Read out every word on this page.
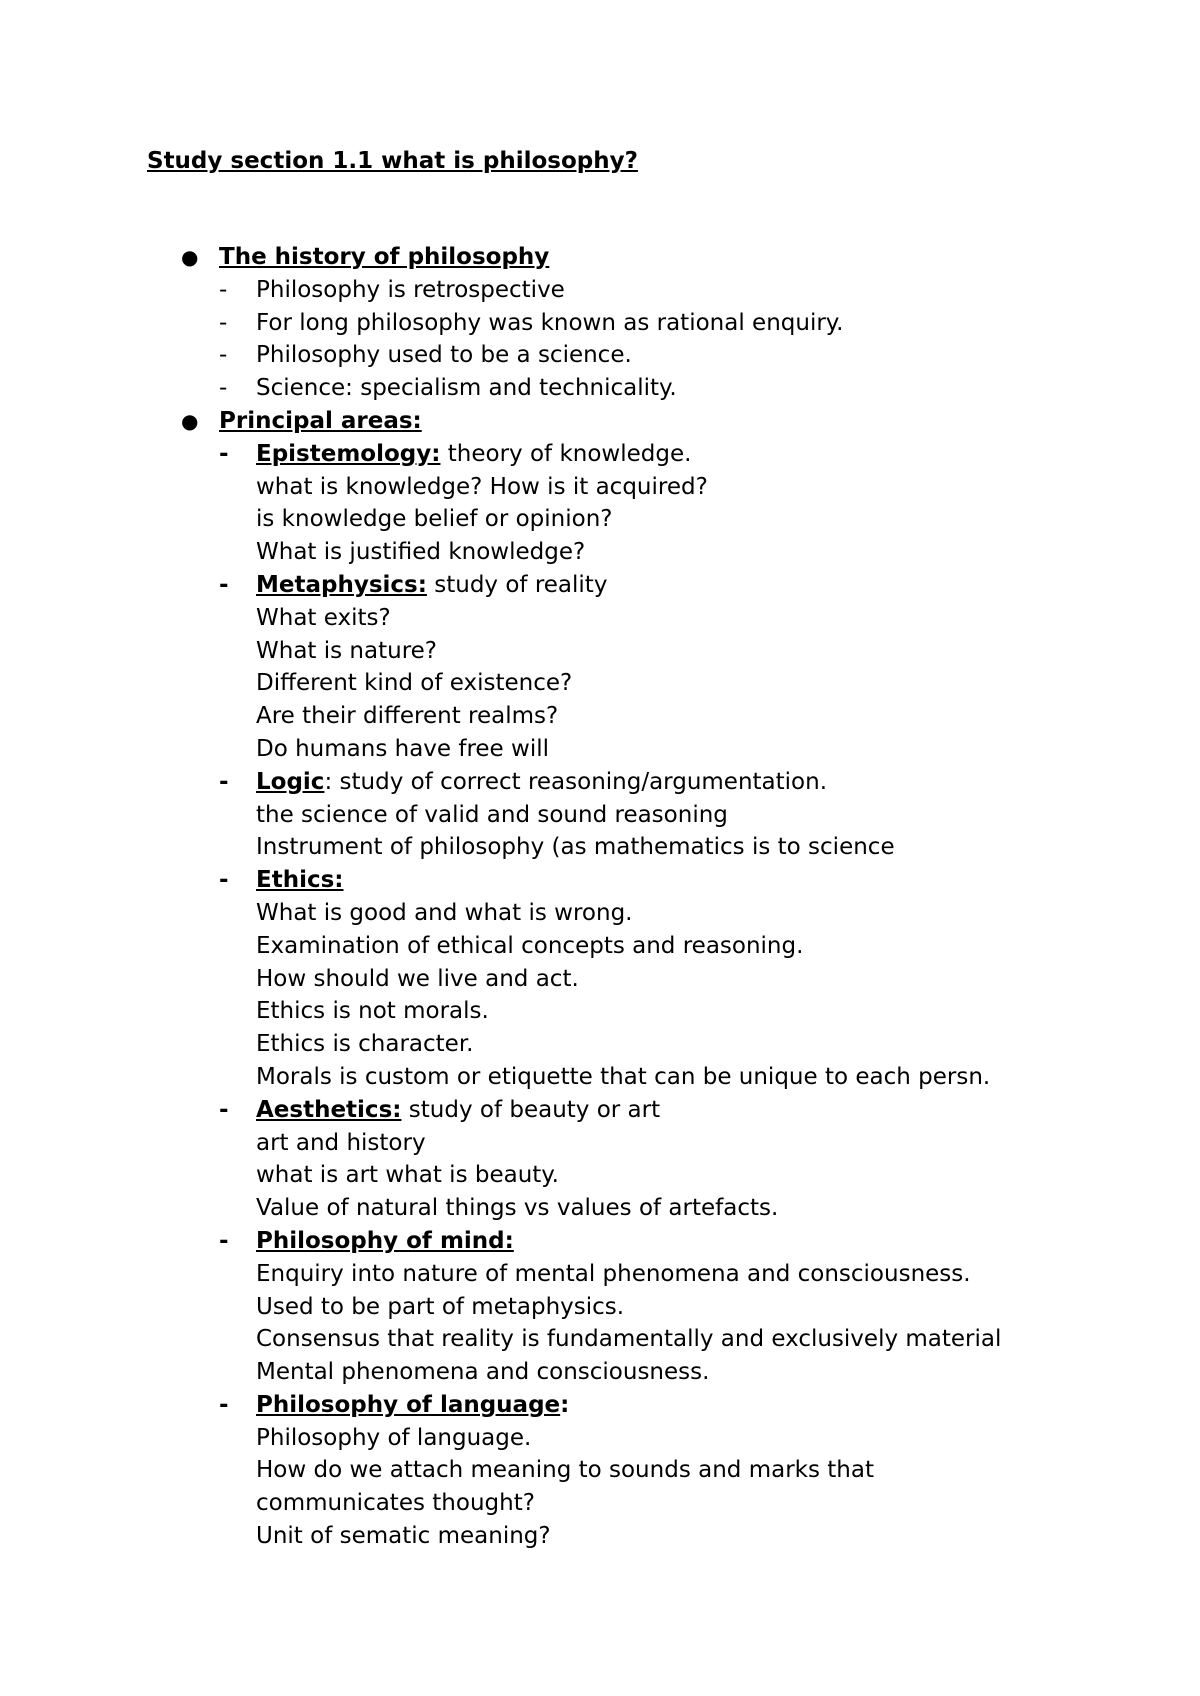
Study section 1.1 what is philosophy?
● The history of philosophy
- Philosophy is retrospective
- For long philosophy was known as rational enquiry.
- Philosophy used to be a science.
- Science: specialism and technicality.
● Principal areas:
- Epistemology: theory of knowledge.
what is knowledge? How is it acquired?
is knowledge belief or opinion?
What is justified knowledge?
- Metaphysics: study of reality
What exits?
What is nature?
Different kind of existence?
Are their different realms?
Do humans have free will
- Logic: study of correct reasoning/argumentation.
the science of valid and sound reasoning
Instrument of philosophy (as mathematics is to science
- Ethics:
What is good and what is wrong.
Examination of ethical concepts and reasoning.
How should we live and act.
Ethics is not morals.
Ethics is character.
Morals is custom or etiquette that can be unique to each persn.
- Aesthetics: study of beauty or art
art and history
what is art what is beauty.
Value of natural things vs values of artefacts.
- Philosophy of mind:
Enquiry into nature of mental phenomena and consciousness.
Used to be part of metaphysics.
Consensus that reality is fundamentally and exclusively material
Mental phenomena and consciousness.
- Philosophy of language:
Philosophy of language.
How do we attach meaning to sounds and marks that
communicates thought?
Unit of sematic meaning?
